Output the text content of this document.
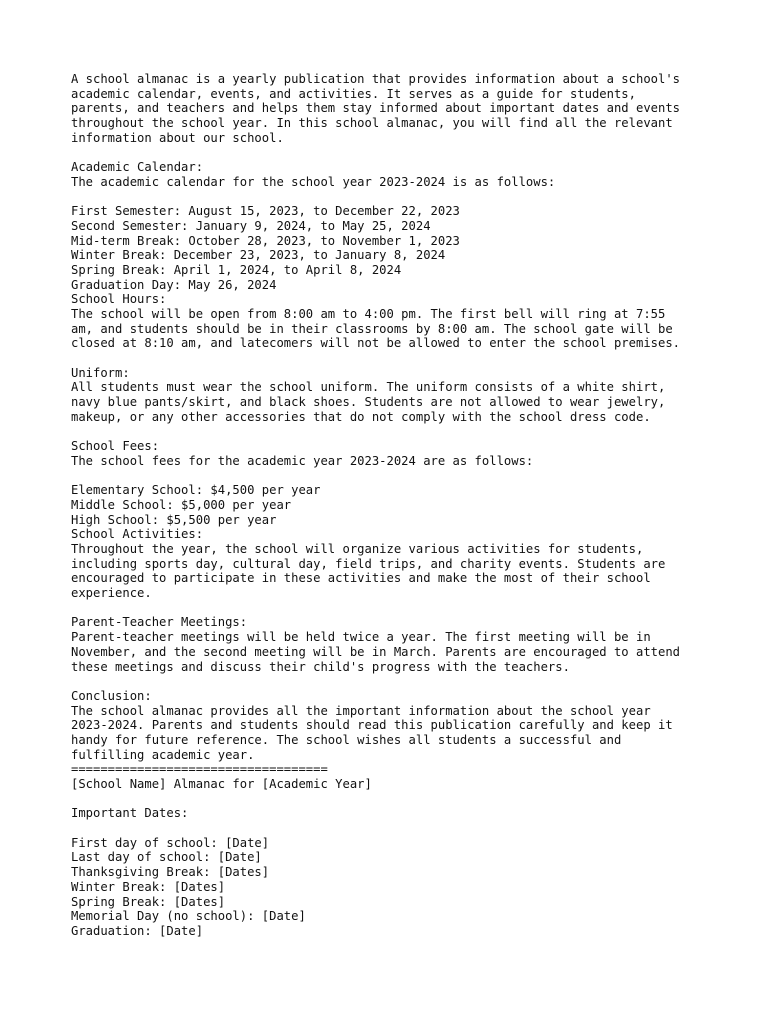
A school almanac is a yearly publication that provides information about a school's
academic calendar, events, and activities. It serves as a guide for students,
parents, and teachers and helps them stay informed about important dates and events
throughout the school year. In this school almanac, you will find all the relevant
information about our school.
Academic Calendar:
The academic calendar for the school year 2023-2024 is as follows:
First Semester: August 15, 2023, to December 22, 2023
Second Semester: January 9, 2024, to May 25, 2024
Mid-term Break: October 28, 2023, to November 1, 2023
Winter Break: December 23, 2023, to January 8, 2024
Spring Break: April 1, 2024, to April 8, 2024
Graduation Day: May 26, 2024
School Hours:
The school will be open from 8:00 am to 4:00 pm. The first bell will ring at 7:55
am, and students should be in their classrooms by 8:00 am. The school gate will be
closed at 8:10 am, and latecomers will not be allowed to enter the school premises.
Uniform:
All students must wear the school uniform. The uniform consists of a white shirt,
navy blue pants/skirt, and black shoes. Students are not allowed to wear jewelry,
makeup, or any other accessories that do not comply with the school dress code.
School Fees:
The school fees for the academic year 2023-2024 are as follows:
Elementary School: $4,500 per year
Middle School: $5,000 per year
High School: $5,500 per year
School Activities:
Throughout the year, the school will organize various activities for students,
including sports day, cultural day, field trips, and charity events. Students are
encouraged to participate in these activities and make the most of their school
experience.
Parent-Teacher Meetings:
Parent-teacher meetings will be held twice a year. The first meeting will be in
November, and the second meeting will be in March. Parents are encouraged to attend
these meetings and discuss their child's progress with the teachers.
Conclusion:
The school almanac provides all the important information about the school year
2023-2024. Parents and students should read this publication carefully and keep it
handy for future reference. The school wishes all students a successful and
fulfilling academic year.
===================================
[School Name] Almanac for [Academic Year]
Important Dates:
First day of school: [Date]
Last day of school: [Date]
Thanksgiving Break: [Dates]
Winter Break: [Dates]
Spring Break: [Dates]
Memorial Day (no school): [Date]
Graduation: [Date]
